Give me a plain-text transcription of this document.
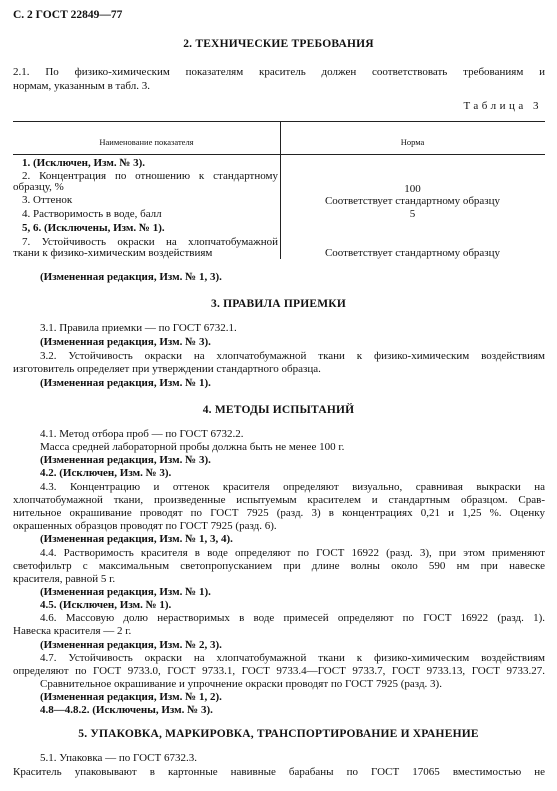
С. 2 ГОСТ 22849—77
2. ТЕХНИЧЕСКИЕ ТРЕБОВАНИЯ
2.1. По физико-химическим показателям краситель должен соответствовать требованиям и
нормам, указанным в табл. 3.
Таблица 3
Наименование показателя	Норма
1. (Исключен, Изм. № 3).
2. Концентрация по отношению к стандартному
образцу, %	100
3. Оттенок	Соответствует стандартному образцу
4. Растворимость в воде, балл	5
5, 6. (Исключены, Изм. № 1).
7. Устойчивость окраски на хлопчатобумажной
ткани к физико-химическим воздействиям	Соответствует стандартному образцу
(Измененная редакция, Изм. № 1, 3).
3. ПРАВИЛА ПРИЕМКИ
3.1. Правила приемки — по ГОСТ 6732.1.
(Измененная редакция, Изм. № 3).
3.2. Устойчивость окраски на хлопчатобумажной ткани к физико-химическим воздействиям
изготовитель определяет при утверждении стандартного образца.
(Измененная редакция, Изм. № 1).
4. МЕТОДЫ ИСПЫТАНИЙ
4.1. Метод отбора проб — по ГОСТ 6732.2.
Масса средней лабораторной пробы должна быть не менее 100 г.
(Измененная редакция, Изм. № 3).
4.2. (Исключен, Изм. № 3).
4.3. Концентрацию и оттенок красителя определяют визуально, сравнивая выкраски на
хлопчатобумажной ткани, произведенные испытуемым красителем и стандартным образцом. Срав-
нительное окрашивание проводят по ГОСТ 7925 (разд. 3) в концентрациях 0,21 и 1,25 %. Оценку
окрашенных образцов проводят по ГОСТ 7925 (разд. 6).
(Измененная редакция, Изм. № 1, 3, 4).
4.4. Растворимость красителя в воде определяют по ГОСТ 16922 (разд. 3), при этом применяют
светофильтр с максимальным светопропусканием при длине волны около 590 нм при навеске
красителя, равной 5 г.
(Измененная редакция, Изм. № 1).
4.5. (Исключен, Изм. № 1).
4.6. Массовую долю нерастворимых в воде примесей определяют по ГОСТ 16922 (разд. 1).
Навеска красителя — 2 г.
(Измененная редакция, Изм. № 2, 3).
4.7. Устойчивость окраски на хлопчатобумажной ткани к физико-химическим воздействиям
определяют по ГОСТ 9733.0, ГОСТ 9733.1, ГОСТ 9733.4—ГОСТ 9733.7, ГОСТ 9733.13, ГОСТ 9733.27.
Сравнительное окрашивание и упрочнение окраски проводят по ГОСТ 7925 (разд. 3).
(Измененная редакция, Изм. № 1, 2).
4.8—4.8.2. (Исключены, Изм. № 3).
5. УПАКОВКА, МАРКИРОВКА, ТРАНСПОРТИРОВАНИЕ И ХРАНЕНИЕ
5.1. Упаковка — по ГОСТ 6732.3.
Краситель упаковывают в картонные навивные барабаны по ГОСТ 17065 вместимостью не
